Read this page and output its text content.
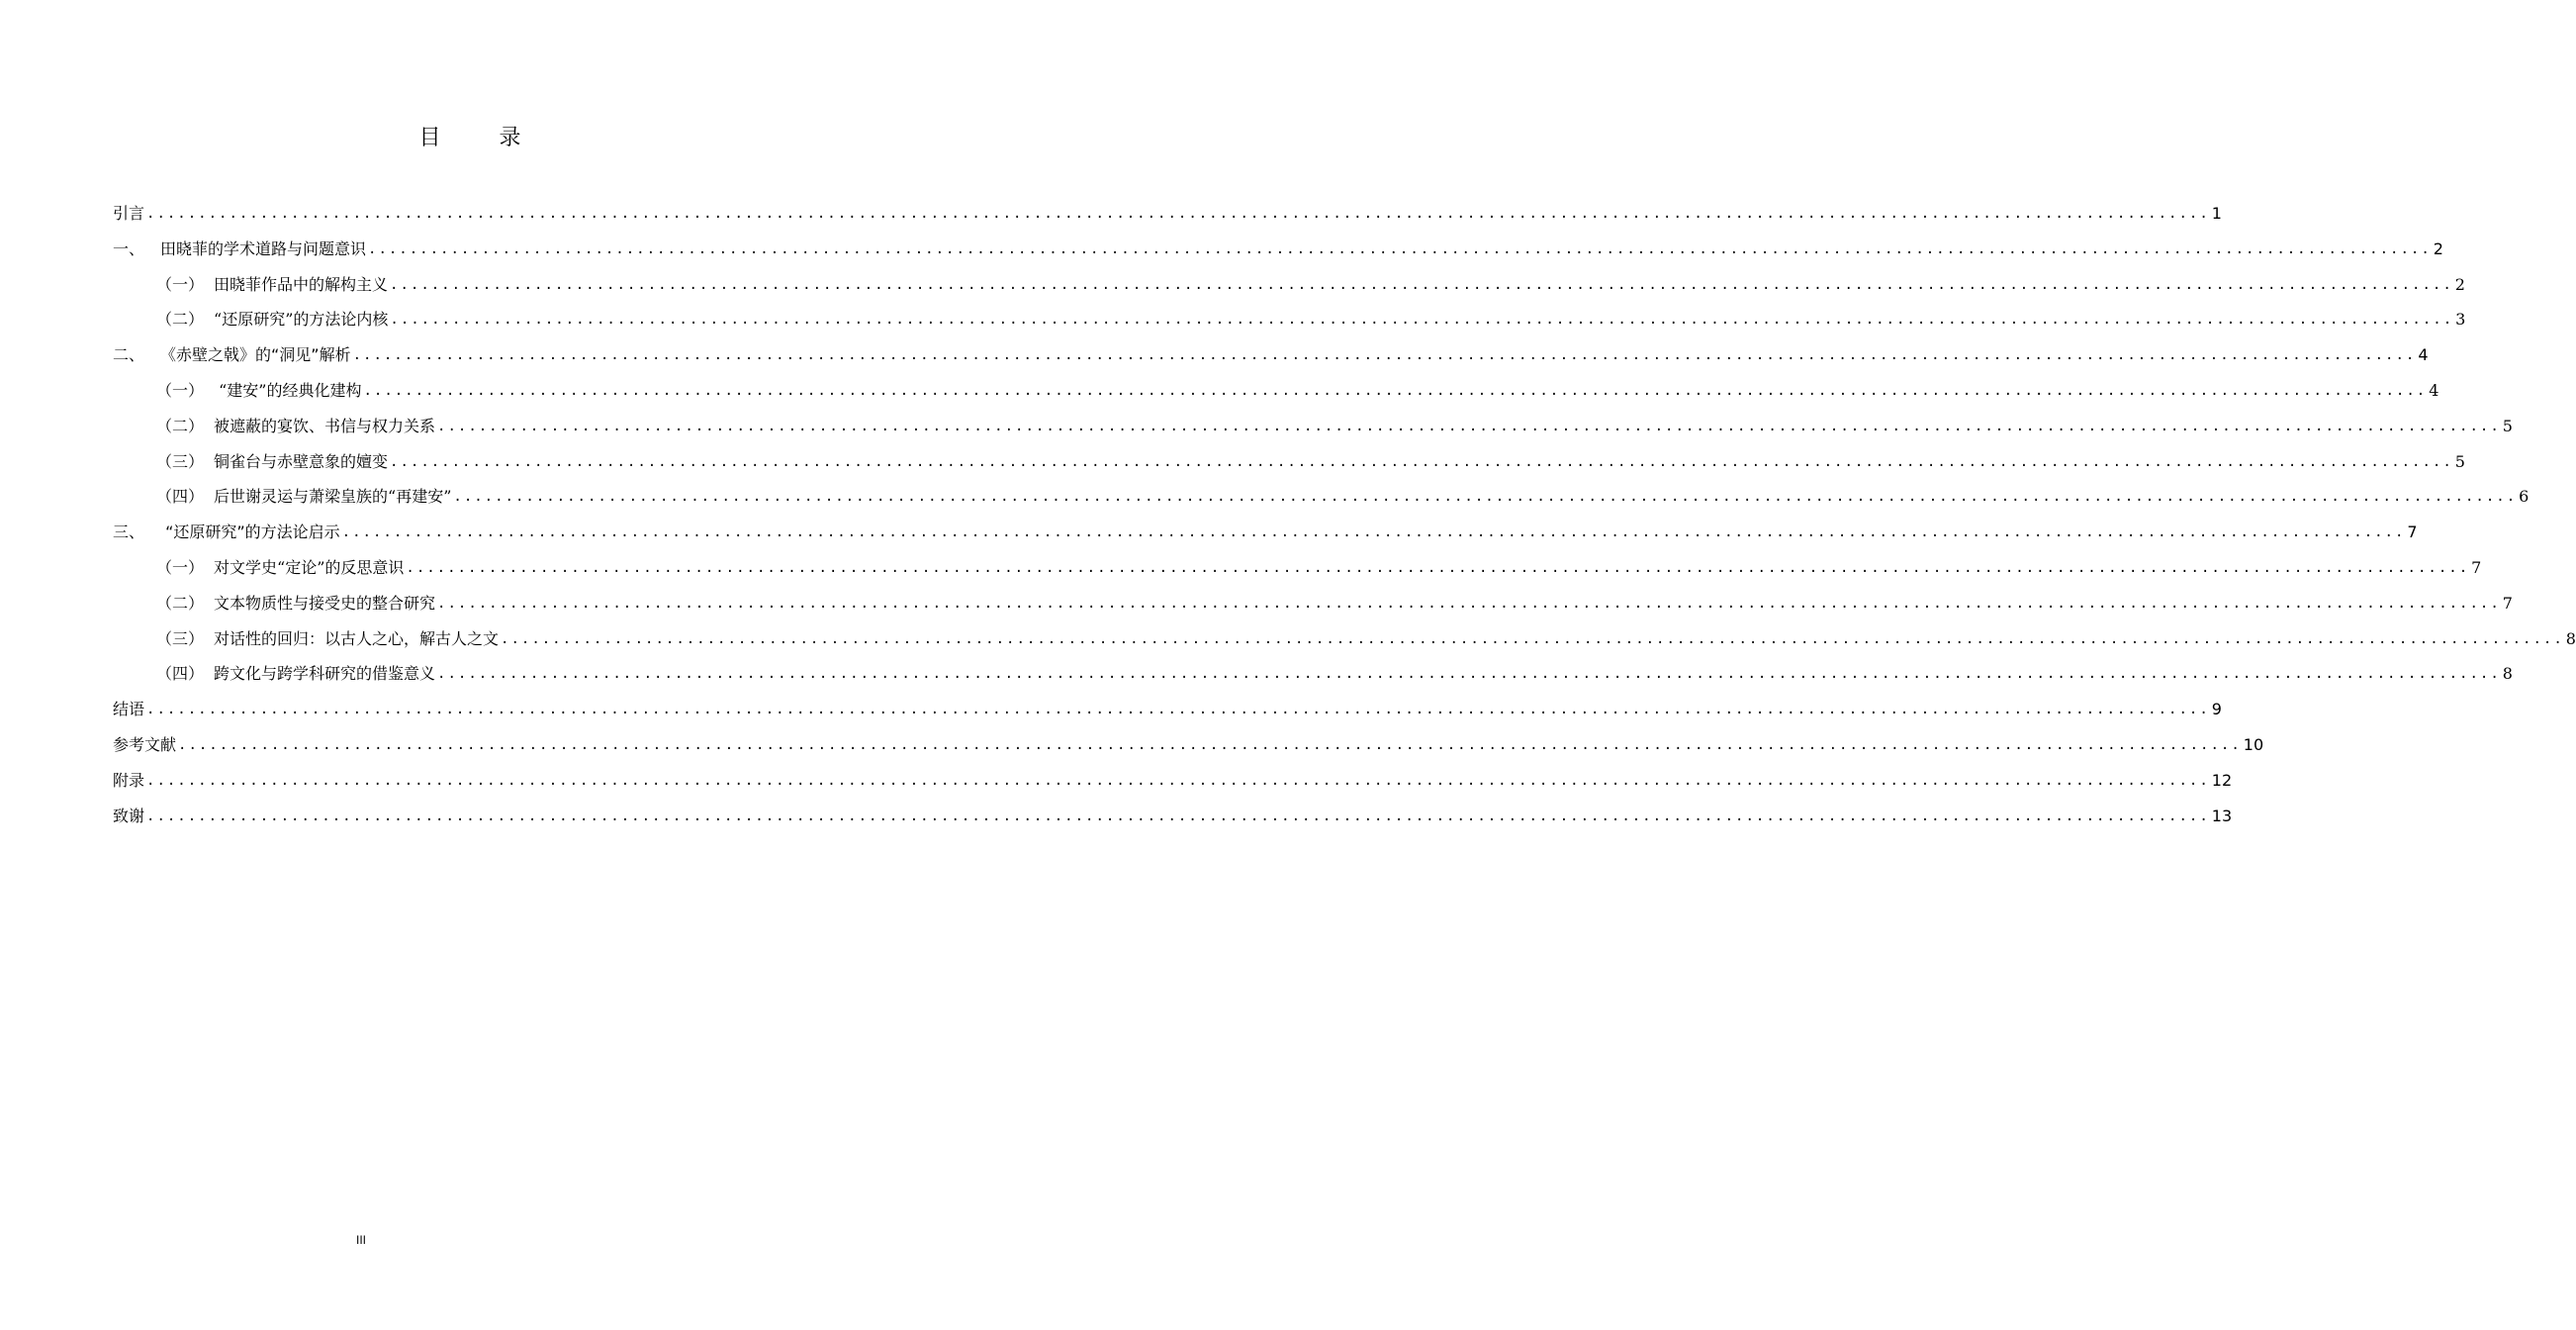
目 录
引言 ........................................................................................................................................................................................................ 1
一、 田晓菲的学术道路与问题意识 ........................................................................................................................................................................................................ 2
（一） 田晓菲作品中的解构主义 ........................................................................................................................................................................................................ 2
（二） “还原研究”的方法论内核 ........................................................................................................................................................................................................ 3
二、 《赤壁之戟》的“洞见”解析 ........................................................................................................................................................................................................ 4
（一） “建安”的经典化建构 ........................................................................................................................................................................................................ 4
（二） 被遮蔽的宴饮、书信与权力关系 ........................................................................................................................................................................................................ 5
（三） 铜雀台与赤壁意象的嬗变 ........................................................................................................................................................................................................ 5
（四） 后世谢灵运与萧梁皇族的“再建安” ........................................................................................................................................................................................................ 6
三、 “还原研究”的方法论启示 ........................................................................................................................................................................................................ 7
（一） 对文学史“定论”的反思意识 ........................................................................................................................................................................................................ 7
（二） 文本物质性与接受史的整合研究 ........................................................................................................................................................................................................ 7
（三） 对话性的回归：以古人之心，解古人之文 ........................................................................................................................................................................................................ 8
（四） 跨文化与跨学科研究的借鉴意义 ........................................................................................................................................................................................................ 8
结语 ........................................................................................................................................................................................................ 9
参考文献 ........................................................................................................................................................................................................ 10
附录 ........................................................................................................................................................................................................ 12
致谢 ........................................................................................................................................................................................................ 13
III
